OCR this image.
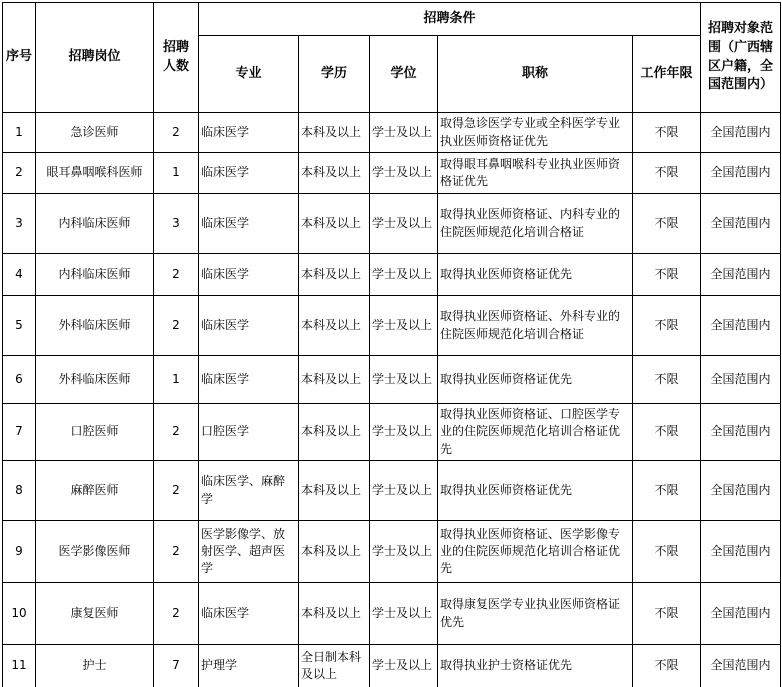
序号	招聘岗位	招聘人数	招聘条件					招聘对象范围（广西辖区户籍，全国范围内）
			专业	学历	学位	职称	工作年限	
1	急诊医师	2	临床医学	本科及以上	学士及以上	取得急诊医学专业或全科医学专业执业医师资格证优先	不限	全国范围内
2	眼耳鼻咽喉科医师	1	临床医学	本科及以上	学士及以上	取得眼耳鼻咽喉科专业执业医师资格证优先	不限	全国范围内
3	内科临床医师	3	临床医学	本科及以上	学士及以上	取得执业医师资格证、内科专业的住院医师规范化培训合格证	不限	全国范围内
4	内科临床医师	2	临床医学	本科及以上	学士及以上	取得执业医师资格证优先	不限	全国范围内
5	外科临床医师	2	临床医学	本科及以上	学士及以上	取得执业医师资格证、外科专业的住院医师规范化培训合格证	不限	全国范围内
6	外科临床医师	1	临床医学	本科及以上	学士及以上	取得执业医师资格证优先	不限	全国范围内
7	口腔医师	2	口腔医学	本科及以上	学士及以上	取得执业医师资格证、口腔医学专业的住院医师规范化培训合格证优先	不限	全国范围内
8	麻醉医师	2	临床医学、麻醉学	本科及以上	学士及以上	取得执业医师资格证优先	不限	全国范围内
9	医学影像医师	2	医学影像学、放射医学、超声医学	本科及以上	学士及以上	取得执业医师资格证、医学影像专业的住院医师规范化培训合格证优先	不限	全国范围内
10	康复医师	2	临床医学	本科及以上	学士及以上	取得康复医学专业执业医师资格证优先	不限	全国范围内
11	护士	7	护理学	全日制本科及以上	学士及以上	取得执业护士资格证优先	不限	全国范围内
